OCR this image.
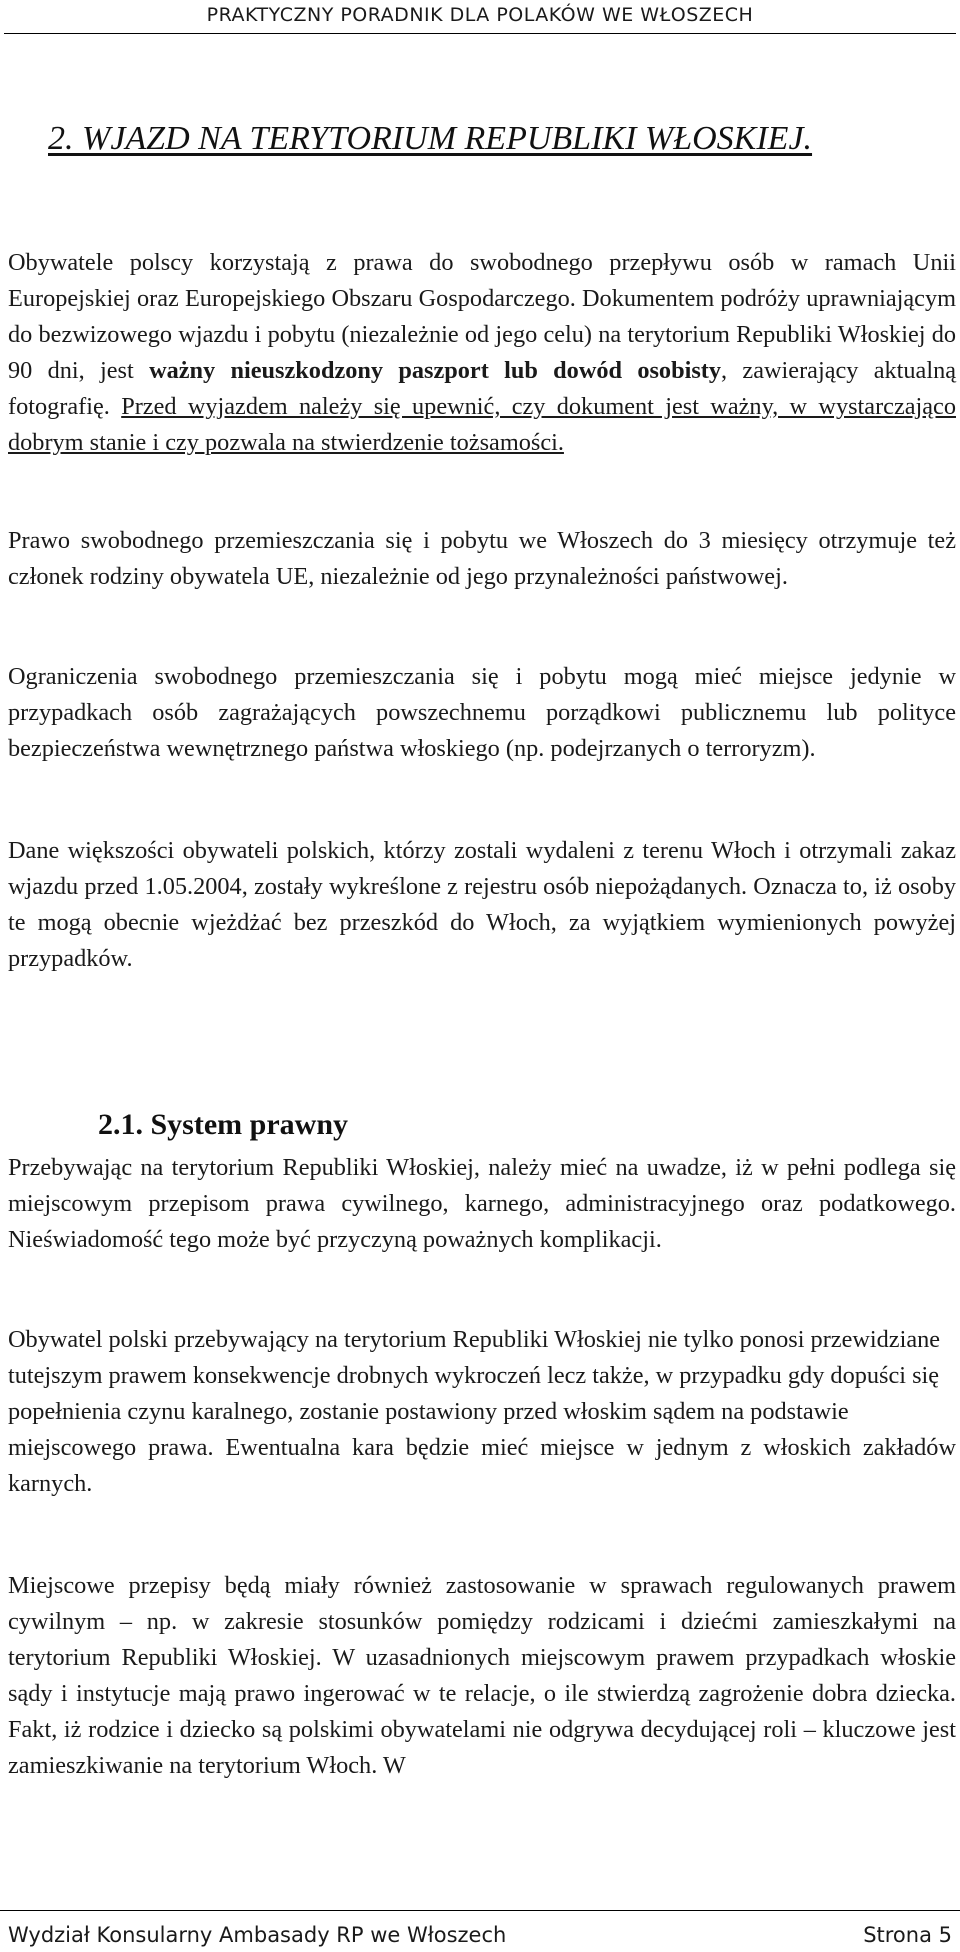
PRAKTYCZNY PORADNIK DLA POLAKÓW WE WŁOSZECH
2. WJAZD NA TERYTORIUM REPUBLIKI WŁOSKIEJ.

Obywatele polscy korzystają z prawa do swobodnego przepływu osób w ramach Unii Europejskiej oraz Europejskiego Obszaru Gospodarczego. Dokumentem podróży uprawniającym do bezwizowego wjazdu i pobytu (niezależnie od jego celu) na terytorium Republiki Włoskiej do 90 dni, jest ważny nieuszkodzony paszport lub dowód osobisty, zawierający aktualną fotografię. Przed wyjazdem należy się upewnić, czy dokument jest ważny, w wystarczająco dobrym stanie i czy pozwala na stwierdzenie tożsamości.

Prawo swobodnego przemieszczania się i pobytu we Włoszech do 3 miesięcy otrzymuje też członek rodziny obywatela UE, niezależnie od jego przynależności państwowej.

Ograniczenia swobodnego przemieszczania się i pobytu mogą mieć miejsce jedynie w przypadkach osób zagrażających powszechnemu porządkowi publicznemu lub polityce bezpieczeństwa wewnętrznego państwa włoskiego (np. podejrzanych o terroryzm).

Dane większości obywateli polskich, którzy zostali wydaleni z terenu Włoch i otrzymali zakaz wjazdu przed 1.05.2004, zostały wykreślone z rejestru osób niepożądanych. Oznacza to, iż osoby te mogą obecnie wjeżdżać bez przeszkód do Włoch, za wyjątkiem wymienionych powyżej przypadków.

2.1. System prawny

Przebywając na terytorium Republiki Włoskiej, należy mieć na uwadze, iż w pełni podlega się miejscowym przepisom prawa cywilnego, karnego, administracyjnego oraz podatkowego. Nieświadomość tego może być przyczyną poważnych komplikacji.

Obywatel polski przebywający na terytorium Republiki Włoskiej nie tylko ponosi przewidziane tutejszym prawem konsekwencje drobnych wykroczeń lecz także, w przypadku gdy dopuści się popełnienia czynu karalnego, zostanie postawiony przed włoskim sądem na podstawie

miejscowego prawa. Ewentualna kara będzie mieć miejsce w jednym z włoskich zakładów karnych.

Miejscowe przepisy będą miały również zastosowanie w sprawach regulowanych prawem cywilnym – np. w zakresie stosunków pomiędzy rodzicami i dziećmi zamieszkałymi na terytorium Republiki Włoskiej. W uzasadnionych miejscowym prawem przypadkach włoskie sądy i instytucje mają prawo ingerować w te relacje, o ile stwierdzą zagrożenie dobra dziecka. Fakt, iż rodzice i dziecko są polskimi obywatelami nie odgrywa decydującej roli – kluczowe jest zamieszkiwanie na terytorium Włoch. W

Wydział Konsularny Ambasady RP we Włoszech	Strona 5
